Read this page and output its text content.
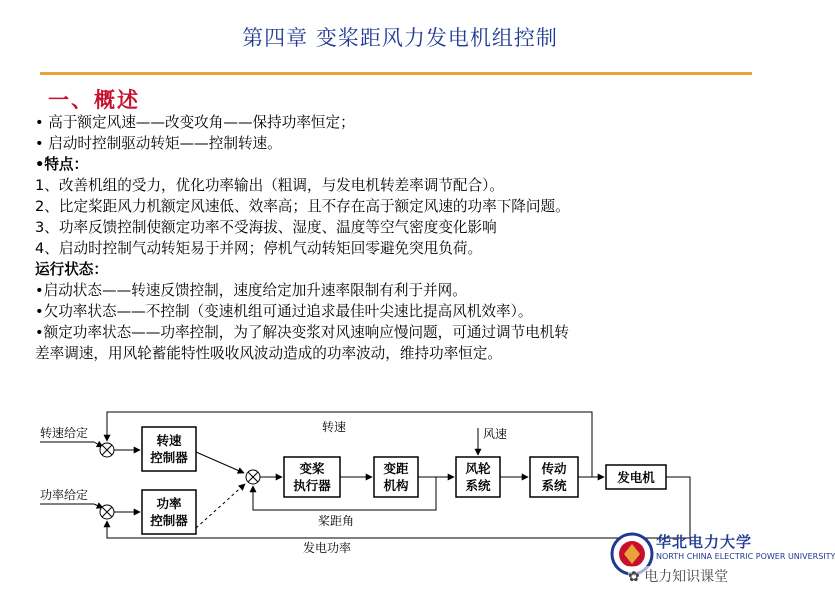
第四章 变桨距风力发电机组控制
一、概述
• 高于额定风速——改变攻角——保持功率恒定；
• 启动时控制驱动转矩——控制转速。
•特点：
1、改善机组的受力，优化功率输出（粗调，与发电机转差率调节配合）。
2、比定桨距风力机额定风速低、效率高；且不存在高于额定风速的功率下降问题。
3、功率反馈控制使额定功率不受海拔、湿度、温度等空气密度变化影响
4、启动时控制气动转矩易于并网；停机气动转矩回零避免突甩负荷。
运行状态：
•启动状态——转速反馈控制，速度给定加升速率限制有利于并网。
•欠功率状态——不控制（变速机组可通过追求最佳叶尖速比提高风机效率）。
•额定功率状态——功率控制，为了解决变浆对风速响应慢问题，可通过调节电机转
差率调速，用风轮蓄能特性吸收风波动造成的功率波动，维持功率恒定。
转速给定
功率给定
转速
控制器
功率
控制器
变桨
执行器
变距
机构
风轮
系统
风速
传动
系统
发电机
转速
桨距角
发电功率	华北电力大学
NORTH CHINA ELECTRIC POWER UNIVERSITY
✿ 电力知识课堂
